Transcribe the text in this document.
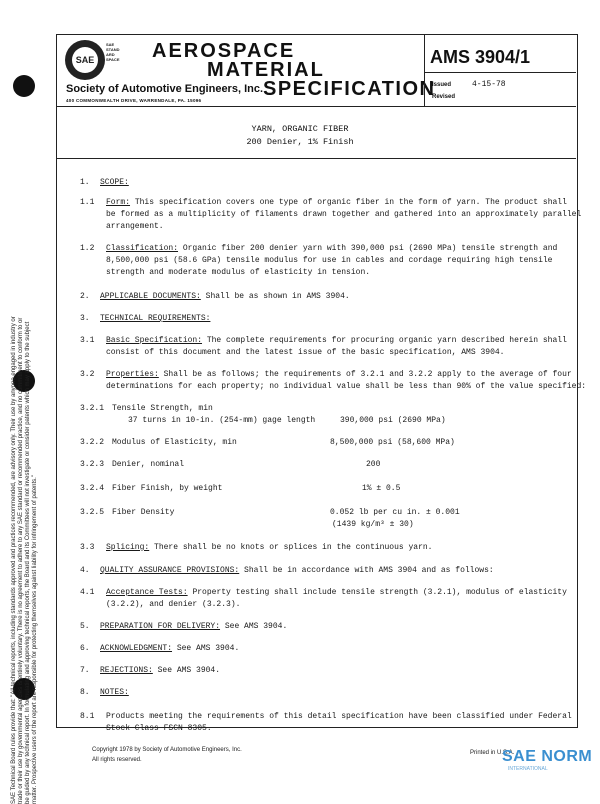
SAE Technical Board rules provide that: "All technical reports, including standards approved and practices recommended, are advisory only. Their use by anyone engaged in industry or trade or their use by governmental agencies is entirely voluntary. There is no agreement to adhere to any SAE standard or recommended practice, and no commitment to conform to or be guided by any technical report. In formulating and approving technical reports, the Board and its Committees will not investigate or consider patents which may apply to the subject matter. Prospective users of the report are responsible for protecting themselves against liability for infringement of patents."
SAE
SAE
STAND
ARD
SPACE AEROSPACE
MATERIAL
SPECIFICATION
Society of Automotive Engineers, Inc.
400 COMMONWEALTH DRIVE, WARRENDALE, PA. 15096
AMS 3904/1
Issued	4-15-78
Revised
YARN, ORGANIC FIBER
200 Denier, 1% Finish
1. SCOPE:
1.1 Form: This specification covers one type of organic fiber in the form of yarn. The product shall
be formed as a multiplicity of filaments drawn together and gathered into an approximately parallel
arrangement.
1.2 Classification: Organic fiber 200 denier yarn with 390,000 psi (2690 MPa) tensile strength and
8,500,000 psi (58.6 GPa) tensile modulus for use in cables and cordage requiring high tensile
strength and moderate modulus of elasticity in tension.
2. APPLICABLE DOCUMENTS: Shall be as shown in AMS 3904.
3. TECHNICAL REQUIREMENTS:
3.1 Basic Specification: The complete requirements for procuring organic yarn described herein shall
consist of this document and the latest issue of the basic specification, AMS 3904.
3.2 Properties: Shall be as follows; the requirements of 3.2.1 and 3.2.2 apply to the average of four
determinations for each property; no individual value shall be less than 90% of the value specified:
3.2.1 Tensile Strength, min
37 turns in 10-in. (254-mm) gage length	390,000 psi (2690 MPa)
3.2.2 Modulus of Elasticity, min	8,500,000 psi (58,600 MPa)
3.2.3 Denier, nominal	200
3.2.4 Fiber Finish, by weight	1% ± 0.5
3.2.5 Fiber Density	0.052 lb per cu in. ± 0.001
(1439 kg/m³ ± 30)
3.3 Splicing: There shall be no knots or splices in the continuous yarn.
4. QUALITY ASSURANCE PROVISIONS: Shall be in accordance with AMS 3904 and as follows:
4.1 Acceptance Tests: Property testing shall include tensile strength (3.2.1), modulus of elasticity
(3.2.2), and denier (3.2.3).
5. PREPARATION FOR DELIVERY: See AMS 3904.
6. ACKNOWLEDGMENT: See AMS 3904.
7. REJECTIONS: See AMS 3904.
8. NOTES:
8.1 Products meeting the requirements of this detail specification have been classified under Federal
Stock Class FSCN 8305.
Copyright 1978 by Society of Automotive Engineers, Inc.
All rights reserved.
Printed in U.S.A.
SAE NORM
INTERNATIONAL
